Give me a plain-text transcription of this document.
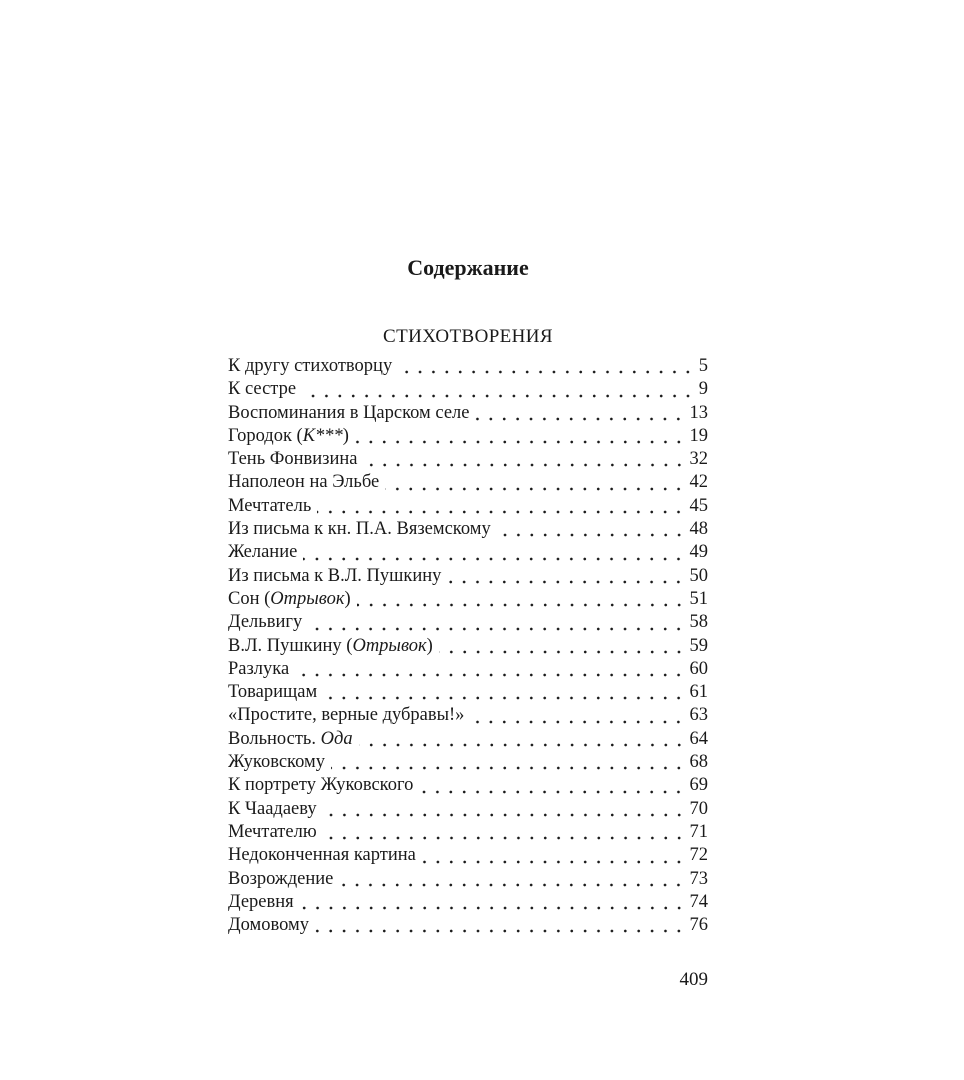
Содержание
СТИХОТВОРЕНИЯ
К другу стихотворцу	5
К сестре	9
Воспоминания в Царском селе	13
Городок (К***)	19
Тень Фонвизина	32
Наполеон на Эльбе	42
Мечтатель	45
Из письма к кн. П.А. Вяземскому	48
Желание	49
Из письма к В.Л. Пушкину	50
Сон (Отрывок)	51
Дельвигу	58
В.Л. Пушкину (Отрывок)	59
Разлука	60
Товарищам	61
«Простите, верные дубравы!»	63
Вольность. Ода	64
Жуковскому	68
К портрету Жуковского	69
К Чаадаеву	70
Мечтателю	71
Недоконченная картина	72
Возрождение	73
Деревня	74
Домовому	76
409
